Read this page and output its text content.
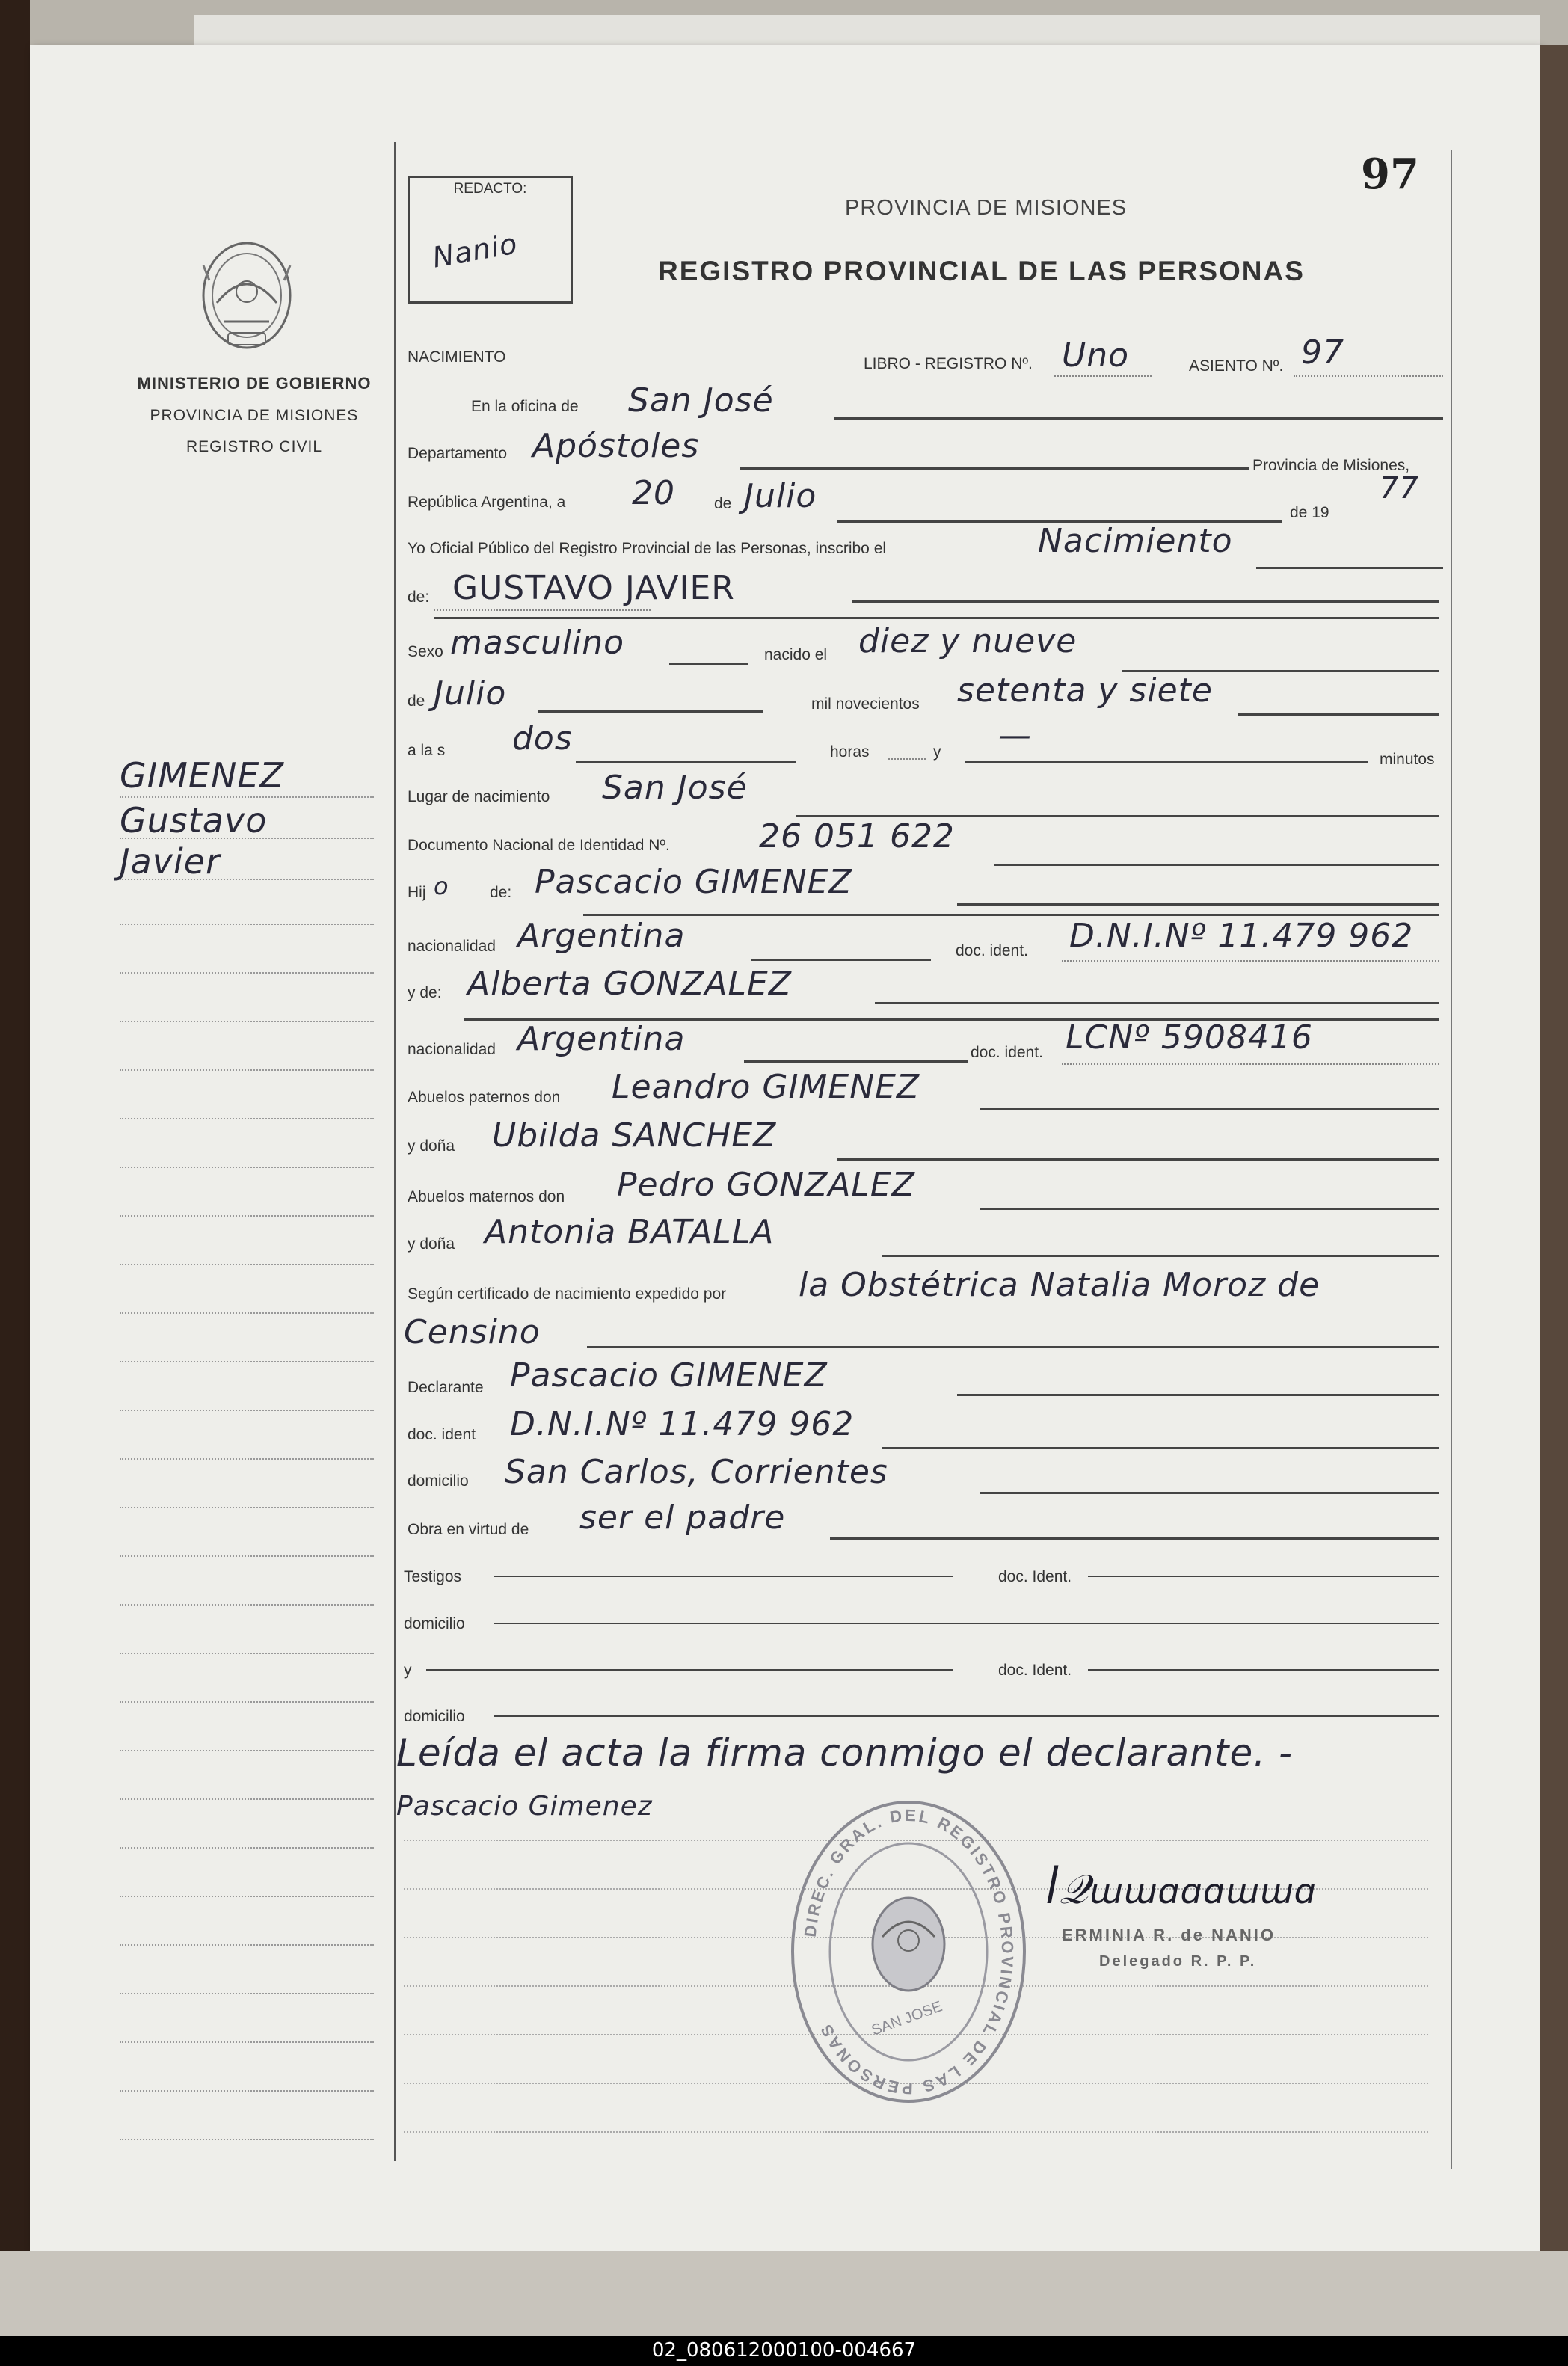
97
REDACTO:
Nanio
PROVINCIA DE MISIONES
REGISTRO PROVINCIAL DE LAS PERSONAS
MINISTERIO DE GOBIERNO
PROVINCIA DE MISIONES
REGISTRO CIVIL
GIMENEZ
Gustavo
Javier
NACIMIENTO	LIBRO - REGISTRO Nº. Uno	ASIENTO Nº. 97
En la oficina de San José
Departamento Apóstoles
Provincia de Misiones,
República Argentina, a 20 de Julio	de 19
77
Yo Oficial Público del Registro Provincial de las Personas, inscribo el	Nacimiento
de: GUSTAVO JAVIER
Sexo masculino	nacido el diez y nueve
de Julio	mil novecientos setenta y siete
a la s dos	horas	y —
minutos
Lugar de nacimiento San José
Documento Nacional de Identidad Nº.	26 051 622
Hij o	de: Pascacio GIMENEZ
nacionalidad Argentina	doc. ident. D.N.I.Nº 11.479 962
y de: Alberta GONZALEZ
nacionalidad Argentina	doc. ident. LCNº 5908416
Abuelos paternos don Leandro GIMENEZ
y doña Ubilda SANCHEZ
Abuelos maternos don Pedro GONZALEZ
y doña Antonia BATALLA
Según certificado de nacimiento expedido por la Obstétrica Natalia Moroz de
Censino
Declarante Pascacio GIMENEZ
doc. ident D.N.I.Nº 11.479 962
domicilio San Carlos, Corrientes
Obra en virtud de ser el padre
Testigos	doc. Ident.
domicilio
y	doc. Ident.
domicilio
Leída el acta la firma conmigo el declarante. -
Pascacio Gimenez
DIREC. GRAL. DEL REGISTRO PROVINCIAL DE LAS PERSONAS	SAN JOSE
ꟾ𝒬ɯɯɑɑɑɯɯɑ
ERMINIA R. de NANIO
Delegado R. P. P.
02_080612000100-004667
